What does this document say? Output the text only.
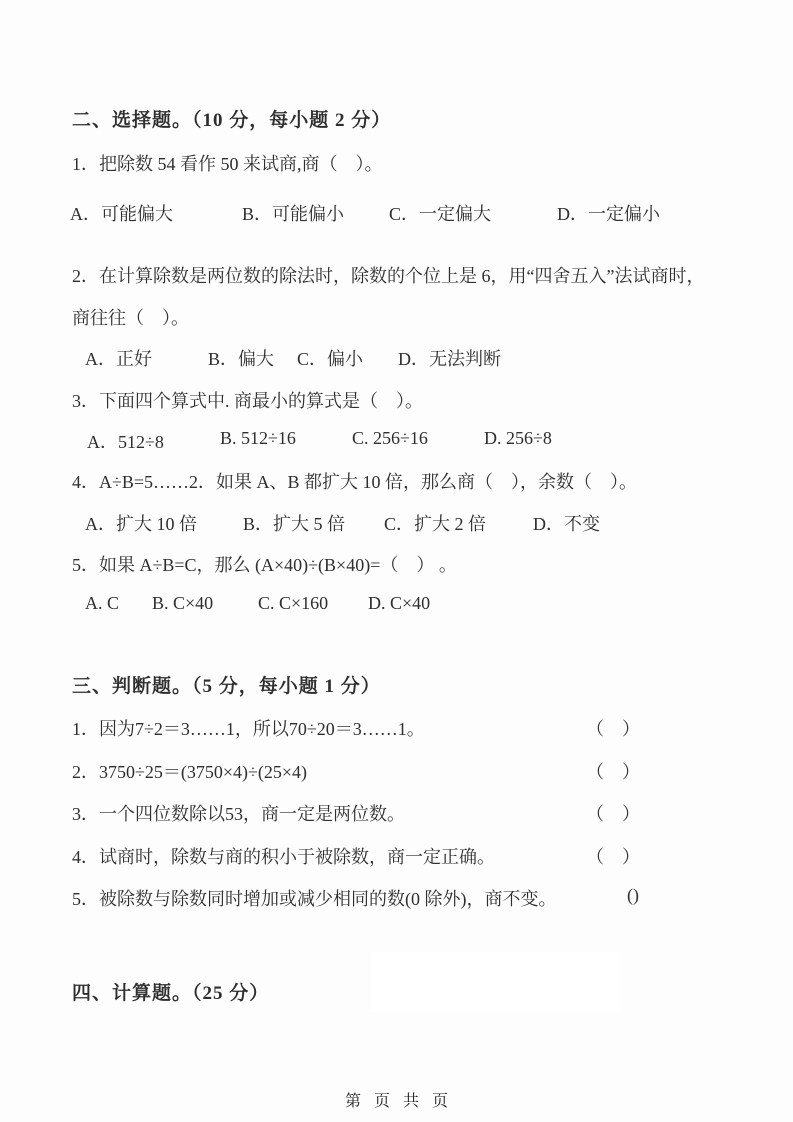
二、选择题。（10 分，每小题 2 分）
1．把除数 54 看作 50 来试商,商（　）。
A．可能偏大	B．可能偏小 C．一定偏大	D．一定偏小
2．在计算除数是两位数的除法时，除数的个位上是 6，用“四舍五入”法试商时，
商往往（　）。
A．正好	B．偏大 C．偏小 D．无法判断
3．下面四个算式中. 商最小的算式是（　）。
A．512÷8	B. 512÷16	C. 256÷16	D. 256÷8
4．A÷B=5……2．如果 A、B 都扩大 10 倍，那么商（　），余数（　）。
A．扩大 10 倍	B．扩大 5 倍 C．扩大 2 倍	D．不变
5．如果 A÷B=C，那么 (A×40)÷(B×40)=（　） 。
A. C B. C×40 C. C×160 D. C×40
三、判断题。（5 分，每小题 1 分）
1．因为7÷2＝3……1，所以70÷20＝3……1。	（　）
2．3750÷25＝(3750×4)÷(25×4)	（　）
3．一个四位数除以53，商一定是两位数。	（　）
4．试商时，除数与商的积小于被除数，商一定正确。	（　）
5．被除数与除数同时增加或减少相同的数(0 除外)，商不变。	()
四、计算题。（25 分）
第 页 共 页
